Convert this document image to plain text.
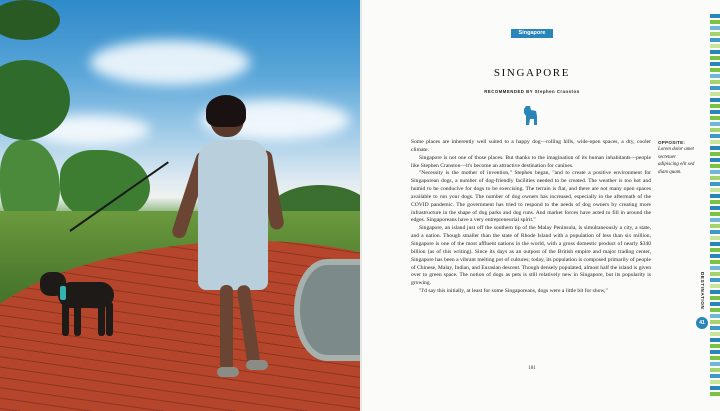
Singapore
SINGAPORE
RECOMMENDED BY Stephen Cranston

Some places are inherently well suited to a happy dog—rolling hills, wide-open spaces, a dry, cooler climate.

Singapore is not one of those places. But thanks to the imagination of its human inhabitants—people like Stephen Cranston—it's become an attractive destination for canines.

"Necessity is the mother of invention," Stephen began, "and to create a positive environment for Singaporean dogs, a number of dog-friendly facilities needed to be created. The weather is too hot and humid to be conducive for dogs to be exercising. The terrain is flat, and there are not many open spaces available to run your dogs. The number of dog owners has increased, especially in the aftermath of the COVID pandemic. The government has tried to respond to the needs of dog owners by creating more infrastructure in the shape of dog parks and dog runs. And market forces have acted to fill in around the edges. Singaporeans have a very entrepreneurial spirit."

Singapore, an island just off the southern tip of the Malay Peninsula, is simultaneously a city, a state, and a nation. Though smaller than the state of Rhode Island with a population of less than six million, Singapore is one of the most affluent nations in the world, with a gross domestic product of nearly $340 billion (as of this writing). Since its days as an outpost of the British empire and major trading center, Singapore has been a vibrant melting pot of cultures; today, its population is composed primarily of people of Chinese, Malay, Indian, and Eurasian descent. Though densely populated, almost half the island is given over to green space. The notion of dogs as pets is still relatively new in Singapore, but its popularity is growing.

"I'd say this initially, at least for some Singaporeans, dogs were a little bit for show,"

OPPOSITE:
Lorem dolor amet sectetuer adipiscing elit sed diam quam.
181
DESTINATION
41
